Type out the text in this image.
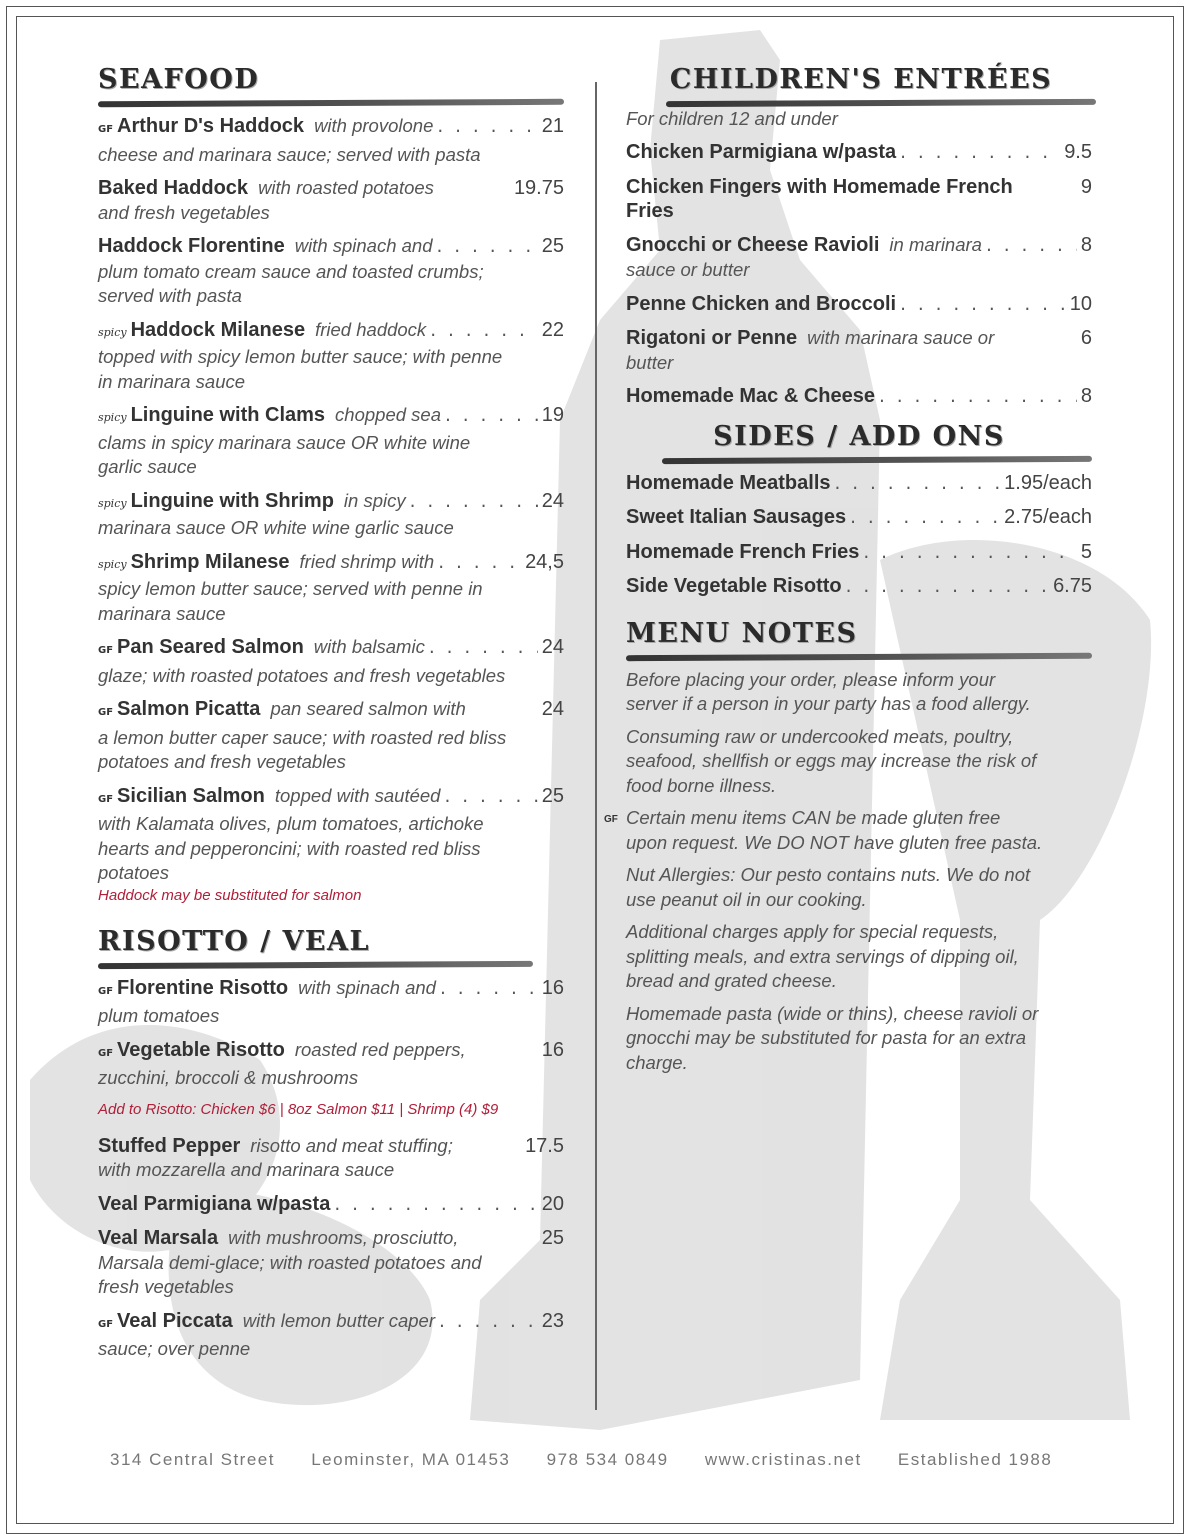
SEAFOOD
GF Arthur D's Haddock with provolone . . .	21
cheese and marinara sauce; served with pasta
Baked Haddock with roasted potatoes	19.75
and fresh vegetables
Haddock Florentine with spinach and . . .	25
plum tomato cream sauce and toasted crumbs; served with pasta
spicy Haddock Milanese fried haddock . . .	22
topped with spicy lemon butter sauce; with penne in marinara sauce
spicy Linguine with Clams chopped sea . . .	19
clams in spicy marinara sauce OR white wine garlic sauce
spicy Linguine with Shrimp in spicy . . .	24
marinara sauce OR white wine garlic sauce
spicy Shrimp Milanese fried shrimp with . . .	24,5
spicy lemon butter sauce; served with penne in marinara sauce
GF Pan Seared Salmon with balsamic . . .	24
glaze; with roasted potatoes and fresh vegetables
GF Salmon Picatta pan seared salmon with	24
a lemon butter caper sauce; with roasted red bliss potatoes and fresh vegetables
GF Sicilian Salmon topped with sautéed . . .	25
with Kalamata olives, plum tomatoes, artichoke hearts and pepperoncini; with roasted red bliss potatoes
Haddock may be substituted for salmon
RISOTTO / VEAL
GF Florentine Risotto with spinach and . . .	16
plum tomatoes
GF Vegetable Risotto roasted red peppers,	16
zucchini, broccoli & mushrooms
Add to Risotto: Chicken $6 | 8oz Salmon $11 | Shrimp (4) $9
Stuffed Pepper risotto and meat stuffing;	17.5
with mozzarella and marinara sauce
Veal Parmigiana w/pasta . . .	20
Veal Marsala with mushrooms, prosciutto,	25
Marsala demi-glace; with roasted potatoes and fresh vegetables
GF Veal Piccata with lemon butter caper . . .	23
sauce; over penne
CHILDREN'S ENTRÉES
For children 12 and under
Chicken Parmigiana w/pasta . . .	9.5
Chicken Fingers with Homemade French	9
Fries
Gnocchi or Cheese Ravioli in marinara . . .	8
sauce or butter
Penne Chicken and Broccoli . . .	10
Rigatoni or Penne with marinara sauce or	6
butter
Homemade Mac & Cheese . . .	8
SIDES / ADD ONS
Homemade Meatballs . . .	1.95/each
Sweet Italian Sausages . . .	2.75/each
Homemade French Fries . . .	5
Side Vegetable Risotto . . .	6.75
MENU NOTES
Before placing your order, please inform your server if a person in your party has a food allergy.
Consuming raw or undercooked meats, poultry, seafood, shellfish or eggs may increase the risk of food borne illness.
GF Certain menu items CAN be made gluten free upon request. We DO NOT have gluten free pasta.
Nut Allergies: Our pesto contains nuts. We do not use peanut oil in our cooking.
Additional charges apply for special requests, splitting meals, and extra servings of dipping oil, bread and grated cheese.
Homemade pasta (wide or thins), cheese ravioli or gnocchi may be substituted for pasta for an extra charge.
314 Central Street Leominster, MA 01453 978 534 0849 www.cristinas.net Established 1988
